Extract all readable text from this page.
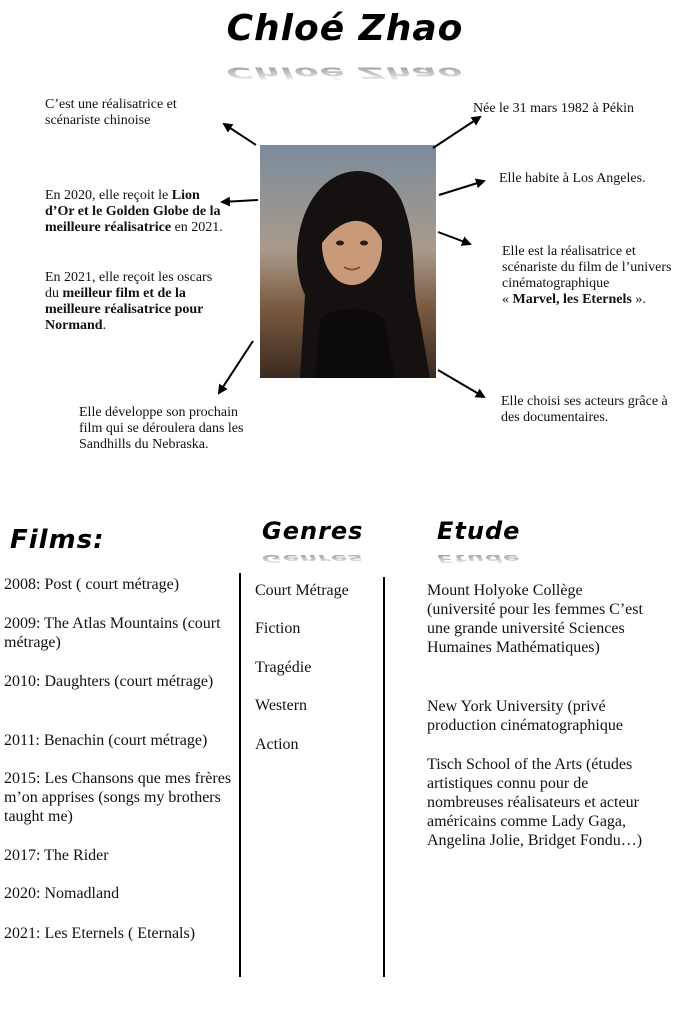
Chloé Zhao
Chloé Zhao
C’est une réalisatrice et scénariste chinoise
En 2020, elle reçoit le Lion d’Or et le Golden Globe de la meilleure réalisatrice en 2021.
En 2021, elle reçoit les oscars du meilleur film et de la meilleure réalisatrice pour Normand.
Elle développe son prochain film qui se déroulera dans les Sandhills du Nebraska.
Née le 31 mars 1982 à Pékin
Elle habite à Los Angeles.
Elle est la réalisatrice et scénariste du film de l’univers cinématographique
« Marvel, les Eternels ».
Elle choisi ses acteurs grâce à des documentaires.
Films:	Genres
Genres
Etude
Etude
2008: Post ( court métrage)
2009: The Atlas Mountains (court métrage)
2010: Daughters (court métrage)
2011: Benachin (court métrage)
2015: Les Chansons que mes frères m’on apprises (songs my brothers taught me)
2017: The Rider
2020: Nomadland
2021: Les Eternels ( Eternals)
Court Métrage
Fiction
Tragédie
Western
Action
Mount Holyoke Collège (université pour les femmes C’est une grande université Sciences Humaines Mathématiques)
New York University (privé production cinématographique
Tisch School of the Arts (études artistiques connu pour de nombreuses réalisateurs et acteur américains comme Lady Gaga, Angelina Jolie, Bridget Fondu…)
